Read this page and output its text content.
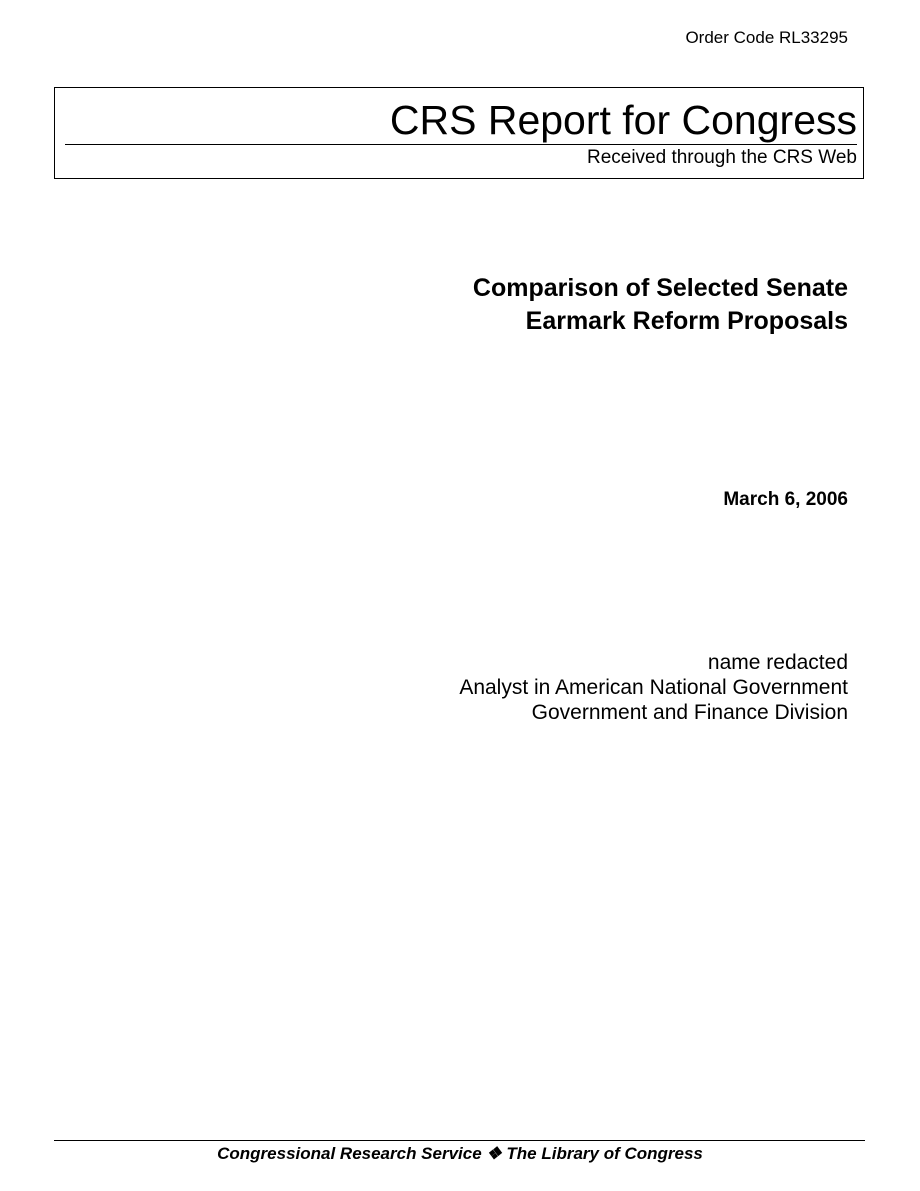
Order Code RL33295
CRS Report for Congress
Received through the CRS Web
Comparison of Selected Senate
Earmark Reform Proposals
March 6, 2006
name redacted
Analyst in American National Government
Government and Finance Division
Congressional Research Service ❖ The Library of Congress
